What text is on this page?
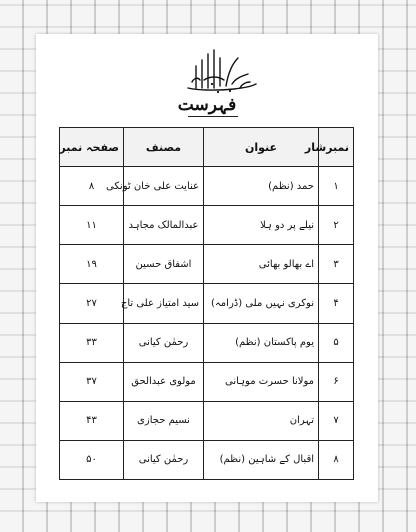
فہرست
نمبرشار	عنوان	مصنف	صفحہ نمبر
۱	حمد (نظم)	عنایت علی خان ٹونکی	۸
۲	نیلے پر دو ہلا	عبدالمالک مجاہد	۱۱
۳	اے بھالو بھائی	اشفاق حسین	۱۹
۴	نوکری نہیں ملی (ڈرامہ)	سید امتیاز علی تاج	۲۷
۵	یوم پاکستان (نظم)	رحمٰن کیانی	۳۳
۶	مولانا حسرت موہانی	مولوی عبدالحق	۳۷
۷	تہران	نسیم حجازی	۴۳
۸	اقبال کے شاہین (نظم)	رحمٰن کیانی	۵۰
